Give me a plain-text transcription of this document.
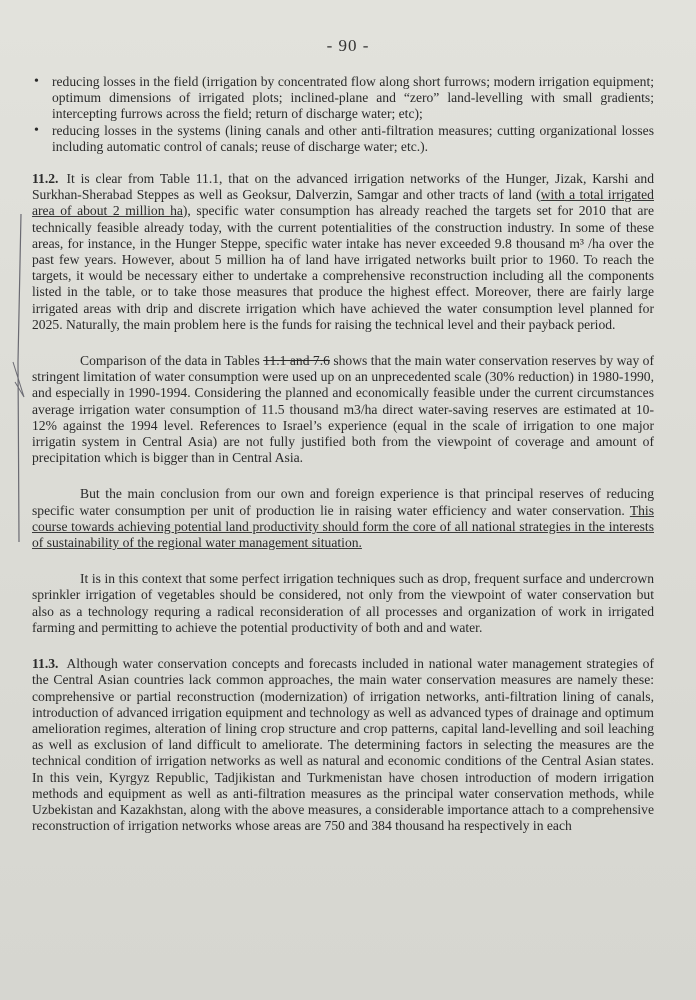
- 90 -
• reducing losses in the field (irrigation by concentrated flow along short furrows; modern irrigation equipment; optimum dimensions of irrigated plots; inclined-plane and “zero” land-levelling with small gradients; intercepting furrows across the field; return of discharge water; etc);
• reducing losses in the systems (lining canals and other anti-filtration measures; cutting organizational losses including automatic control of canals; reuse of discharge water; etc.).

11.2. It is clear from Table 11.1, that on the advanced irrigation networks of the Hunger, Jizak, Karshi and Surkhan-Sherabad Steppes as well as Geoksur, Dalverzin, Samgar and other tracts of land (with a total irrigated area of about 2 million ha), specific water consumption has already reached the targets set for 2010 that are technically feasible already today, with the current potentialities of the construction industry. In some of these areas, for instance, in the Hunger Steppe, specific water intake has never exceeded 9.8 thousand m³ /ha over the past few years. However, about 5 million ha of land have irrigated networks built prior to 1960. To reach the targets, it would be necessary either to undertake a comprehensive reconstruction including all the components listed in the table, or to take those measures that produce the highest effect. Moreover, there are fairly large irrigated areas with drip and discrete irrigation which have achieved the water consumption level planned for 2025. Naturally, the main problem here is the funds for raising the technical level and their payback period.

Comparison of the data in Tables 11.1 and 7.6 shows that the main water conservation reserves by way of stringent limitation of water consumption were used up on an unprecedented scale (30% reduction) in 1980-1990, and especially in 1990-1994. Considering the planned and economically feasible under the current circumstances average irrigation water consumption of 11.5 thousand m3/ha direct water-saving reserves are estimated at 10-12% against the 1994 level. References to Israel’s experience (equal in the scale of irrigation to one major irrigatin system in Central Asia) are not fully justified both from the viewpoint of coverage and amount of precipitation which is bigger than in Central Asia.

But the main conclusion from our own and foreign experience is that principal reserves of reducing specific water consumption per unit of production lie in raising water efficiency and water conservation. This course towards achieving potential land productivity should form the core of all national strategies in the interests of sustainability of the regional water management situation.

It is in this context that some perfect irrigation techniques such as drop, frequent surface and undercrown sprinkler irrigation of vegetables should be considered, not only from the viewpoint of water conservation but also as a technology requring a radical reconsideration of all processes and organization of work in irrigated farming and permitting to achieve the potential productivity of both and and water.

11.3. Although water conservation concepts and forecasts included in national water management strategies of the Central Asian countries lack common approaches, the main water conservation measures are namely these: comprehensive or partial reconstruction (modernization) of irrigation networks, anti-filtration lining of canals, introduction of advanced irrigation equipment and technology as well as advanced types of drainage and optimum amelioration regimes, alteration of lining crop structure and crop patterns, capital land-levelling and soil leaching as well as exclusion of land difficult to ameliorate. The determining factors in selecting the measures are the technical condition of irrigation networks as well as natural and economic conditions of the Central Asian states. In this vein, Kyrgyz Republic, Tadjikistan and Turkmenistan have chosen introduction of modern irrigation methods and equipment as well as anti-filtration measures as the principal water conservation methods, while Uzbekistan and Kazakhstan, along with the above measures, a considerable importance attach to a comprehensive reconstruction of irrigation networks whose areas are 750 and 384 thousand ha respectively in each
